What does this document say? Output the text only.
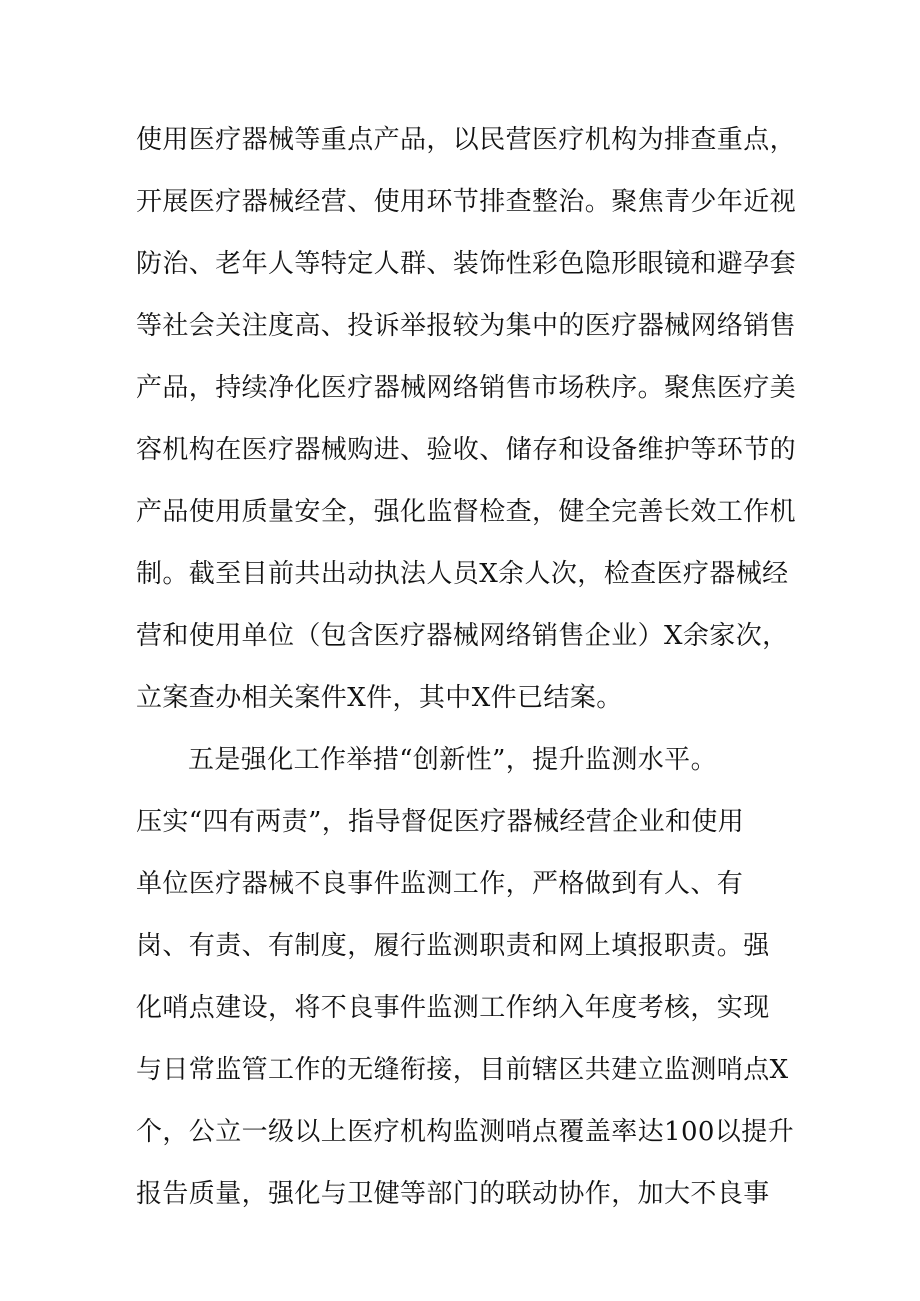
使用医疗器械等重点产品，以民营医疗机构为排查重点，
开展医疗器械经营、使用环节排查整治。聚焦青少年近视
防治、老年人等特定人群、装饰性彩色隐形眼镜和避孕套
等社会关注度高、投诉举报较为集中的医疗器械网络销售
产品，持续净化医疗器械网络销售市场秩序。聚焦医疗美
容机构在医疗器械购进、验收、储存和设备维护等环节的
产品使用质量安全，强化监督检查，健全完善长效工作机
制。截至目前共出动执法人员X余人次，检查医疗器械经
营和使用单位（包含医疗器械网络销售企业）X余家次，
立案查办相关案件X件，其中X件已结案。
五是强化工作举措“创新性”，提升监测水平。
压实“四有两责”，指导督促医疗器械经营企业和使用
单位医疗器械不良事件监测工作，严格做到有人、有
岗、有责、有制度，履行监测职责和网上填报职责。强
化哨点建设，将不良事件监测工作纳入年度考核，实现
与日常监管工作的无缝衔接，目前辖区共建立监测哨点X
个，公立一级以上医疗机构监测哨点覆盖率达100以提升
报告质量，强化与卫健等部门的联动协作，加大不良事
